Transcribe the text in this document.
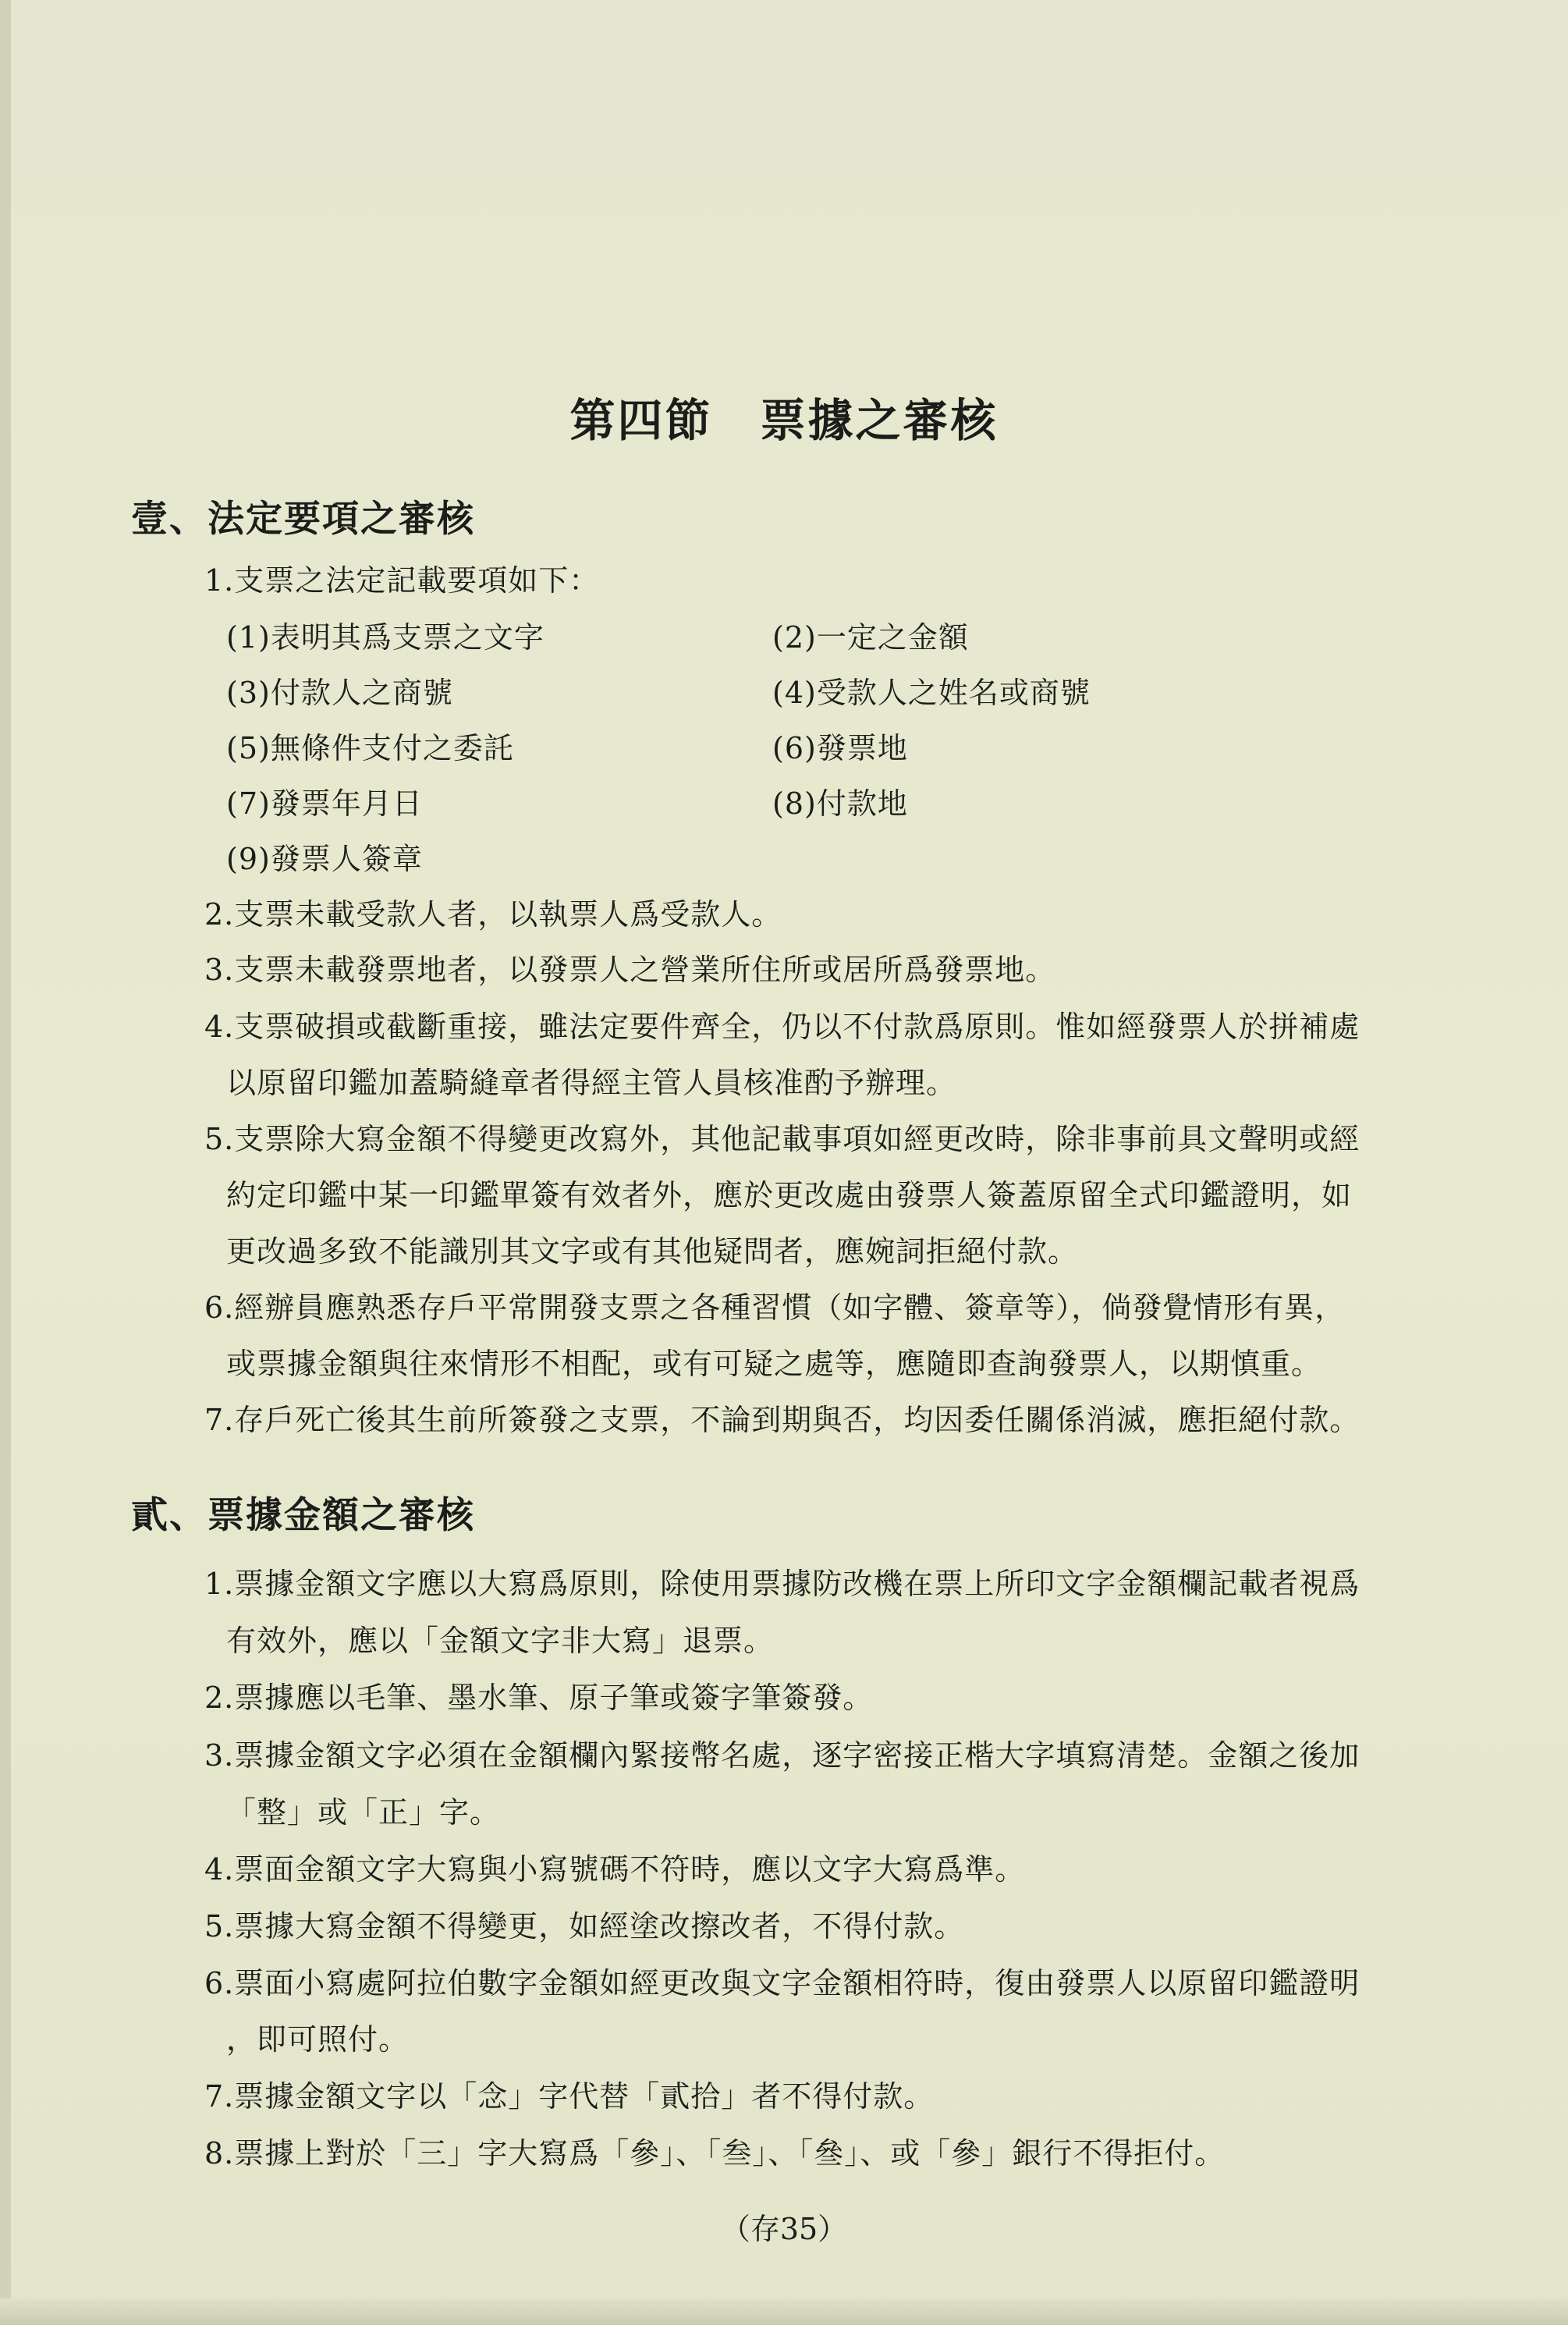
第四節　票據之審核
壹、法定要項之審核
1.支票之法定記載要項如下：
(1)表明其爲支票之文字	(2)一定之金額
(3)付款人之商號	(4)受款人之姓名或商號
(5)無條件支付之委託	(6)發票地
(7)發票年月日	(8)付款地
(9)發票人簽章
2.支票未載受款人者，以執票人爲受款人。
3.支票未載發票地者，以發票人之營業所住所或居所爲發票地。
4.支票破損或截斷重接，雖法定要件齊全，仍以不付款爲原則。惟如經發票人於拼補處
以原留印鑑加蓋騎縫章者得經主管人員核准酌予辦理。
5.支票除大寫金額不得變更改寫外，其他記載事項如經更改時，除非事前具文聲明或經
約定印鑑中某一印鑑單簽有效者外，應於更改處由發票人簽蓋原留全式印鑑證明，如
更改過多致不能識別其文字或有其他疑問者，應婉詞拒絕付款。
6.經辦員應熟悉存戶平常開發支票之各種習慣（如字體、簽章等），倘發覺情形有異，
或票據金額與往來情形不相配，或有可疑之處等，應隨即查詢發票人，以期慎重。
7.存戶死亡後其生前所簽發之支票，不論到期與否，均因委任關係消滅，應拒絕付款。
貳、票據金額之審核
1.票據金額文字應以大寫爲原則，除使用票據防改機在票上所印文字金額欄記載者視爲
有效外，應以「金額文字非大寫」退票。
2.票據應以毛筆、墨水筆、原子筆或簽字筆簽發。
3.票據金額文字必須在金額欄內緊接幣名處，逐字密接正楷大字填寫清楚。金額之後加
「整」或「正」字。
4.票面金額文字大寫與小寫號碼不符時，應以文字大寫爲準。
5.票據大寫金額不得變更，如經塗改擦改者，不得付款。
6.票面小寫處阿拉伯數字金額如經更改與文字金額相符時，復由發票人以原留印鑑證明
，即可照付。
7.票據金額文字以「念」字代替「貳拾」者不得付款。
8.票據上對於「三」字大寫爲「參」、「叁」、「叄」、或「參」銀行不得拒付。
（存35）
